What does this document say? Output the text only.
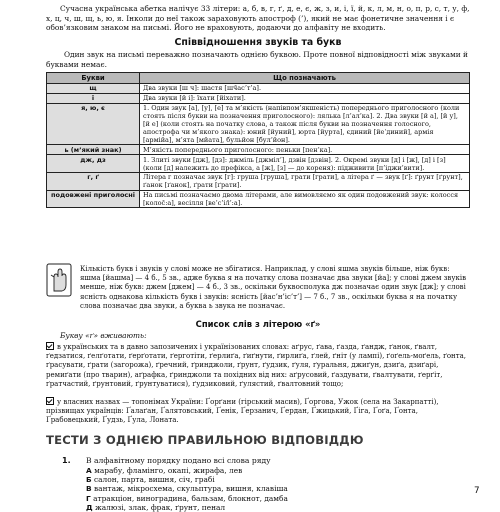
Сучасна українська абетка налічує 33 літери: а, б, в, г, ґ, д, е, є, ж, з, и, і, ї, й, к, л, м, н, о, п, р, с, т, у, ф, х, ц, ч, ш, щ, ь, ю, я. Інколи до неї також зараховують апостроф (’), який не має фонетичне значення і є обов’язковим знаком на письмі. Його не враховують, додаючи до алфавіту не входить.

Співвідношення звуків та букв

Один звук на письмі переважно позначають однією буквою. Проте повної відповідності між звуками й буквами немає.

Букви	Що позначають
щ	Два звуки [ш ч]: шастя [шч̄ас’т’а].
ї	Два звуки [й і]: їхати [йіхати].
я, ю, є	1. Один звук [а], [у], [е] та м’якість (напівпом’якшеність) попереднього приголосного (коли стоять після букви на позначення приголосного): лялька [л’ал’ка]. 2. Два звуки [й а], [й у], [й е] (коли стоять на початку слова, а також після букви на позначення голосного, апострофа чи м’якого знака): юний [йуний], юрта [йурта], єдиний [йеˈдиний], армія [армійа], м’ята [мйата], бульйон [бул’йон].
ь (м’який знак)	М’якість попереднього приголосного: пеньки [пен’ка].
дж, дз	1. Злиті звуки [дж], [дз]: джміль [джмiл’], дзвін [дзвiн]. 2. Окремі звуки [д] і [ж], [д] і [з] (коли [д] належить до префікса, а [ж], [з] — до кореня): підживити [п’iджи’вити].
г, ґ	Літера г позначає звук [г]: груша [груша], грати [грати], а літера ґ — звук [ґ]: ґрунт [ґрунт], ґанок [ґанок], ґрати [ґрати].
подовжені приголосні	На письмі позначаємо двома літерами, але вимовляємо як один подовжений звук: колосся [колос̄:а], весілля [ве’с’іл̄’:а].

Кількість букв і звуків у слові може не збігатися. Наприклад, у слові яшма звуків більше, ніж букв: яшма [йашма] — 4 б., 5 зв., адже буква я на початку слова позначає два звуки [йа]; у слові джем звуків менше, ніж букв: джем [джем] — 4 б., 3 зв., оскільки буквосполука дж позначає один звук [дж]; у слові ясність однакова кількість букв і звуків: ясність [йас’н’іс’т’] — 7 б., 7 зв., оскільки буква я на початку слова позначає два звуки, а буква ь звука не позначає.

Список слів з літерою «ґ»

Букву «ґ» вживають:

в українських та в давно запозичених і українізованих словах: аґрус, ґава, ґазда, ґандж, ґанок, ґвалт, ґедзатися, ґелґотати, ґерґотати, ґерготіти, ґерлиґа, ґиґнути, ґирлиґа, ґлей, ґніт (у лампі), ґоґель-моґель, ґонта, ґрасувати, ґрати (загорожа), ґречний, ґринджоли, ґрунт, ґудзик, ґуля, ґуральня, джиґун, дзиґа, дзиґарі, ремиґати (про тварин), аґрафка, ґринджоли та похідних від них: аґрусовий, ґаздувати, ґвалтувати, ґерґіт, ґратчастий, ґрунтовий, ґрунтуватися), ґудзиковий, ґулястий, ґвалтовний тощо;

у власних назвах — топонімах України: Ґорґани (гірський масив), Ґоргова, Ужок (села на Закарпатті), прізвищах українців: Ґалаґан, Ґалятовський, Ґенік, Ґерзанич, Ґердан, Ґжицький, Ґіга, Ґоґа, Ґонта, Ґрабовецький, Ґудзь, Ґула, Лоната.

ТЕСТИ З ОДНІЄЮ ПРАВИЛЬНОЮ ВІДПОВІДДЮ
1. В алфавітному порядку подано всі слова ряду
А марабу, фламінго, окапі, жирафа, лев
Б салон, парта, вишня, січ, грабі
В вантаж, мікросхема, скульптура, вишня, клавіша
Г атракціон, виноградина, бальзам, блокнот, дамба
Д жалюзі, злак, фрак, ґрунт, пенал
7
